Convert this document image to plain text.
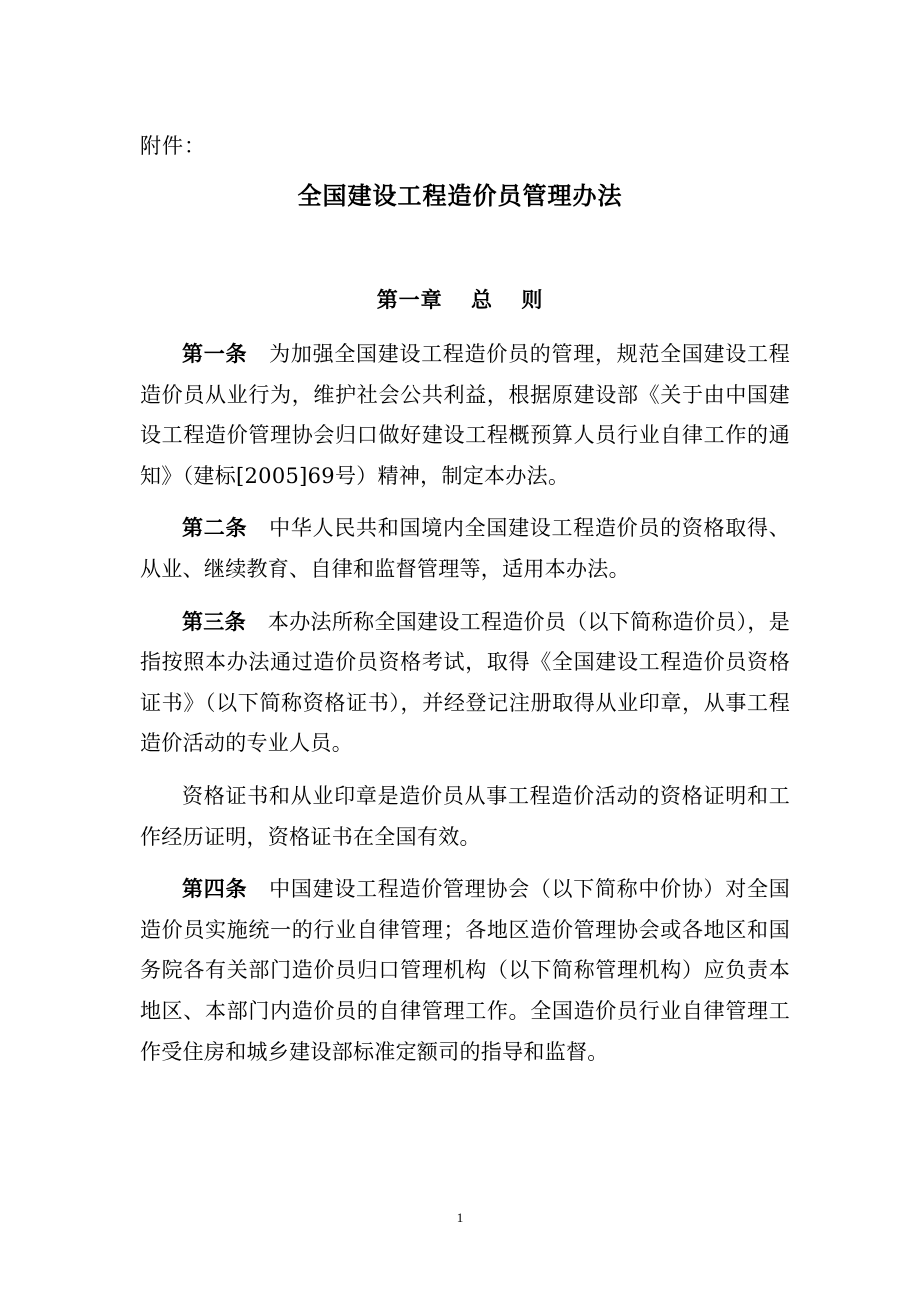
附件：
全国建设工程造价员管理办法
第一章 总 则

第一条 为加强全国建设工程造价员的管理，规范全国建设工程造价员从业行为，维护社会公共利益，根据原建设部《关于由中国建设工程造价管理协会归口做好建设工程概预算人员行业自律工作的通知》（建标[2005]69号）精神，制定本办法。

第二条 中华人民共和国境内全国建设工程造价员的资格取得、从业、继续教育、自律和监督管理等，适用本办法。

第三条 本办法所称全国建设工程造价员（以下简称造价员），是指按照本办法通过造价员资格考试，取得《全国建设工程造价员资格证书》（以下简称资格证书），并经登记注册取得从业印章，从事工程造价活动的专业人员。

资格证书和从业印章是造价员从事工程造价活动的资格证明和工作经历证明，资格证书在全国有效。

第四条 中国建设工程造价管理协会（以下简称中价协）对全国造价员实施统一的行业自律管理；各地区造价管理协会或各地区和国务院各有关部门造价员归口管理机构（以下简称管理机构）应负责本地区、本部门内造价员的自律管理工作。全国造价员行业自律管理工作受住房和城乡建设部标准定额司的指导和监督。

1
